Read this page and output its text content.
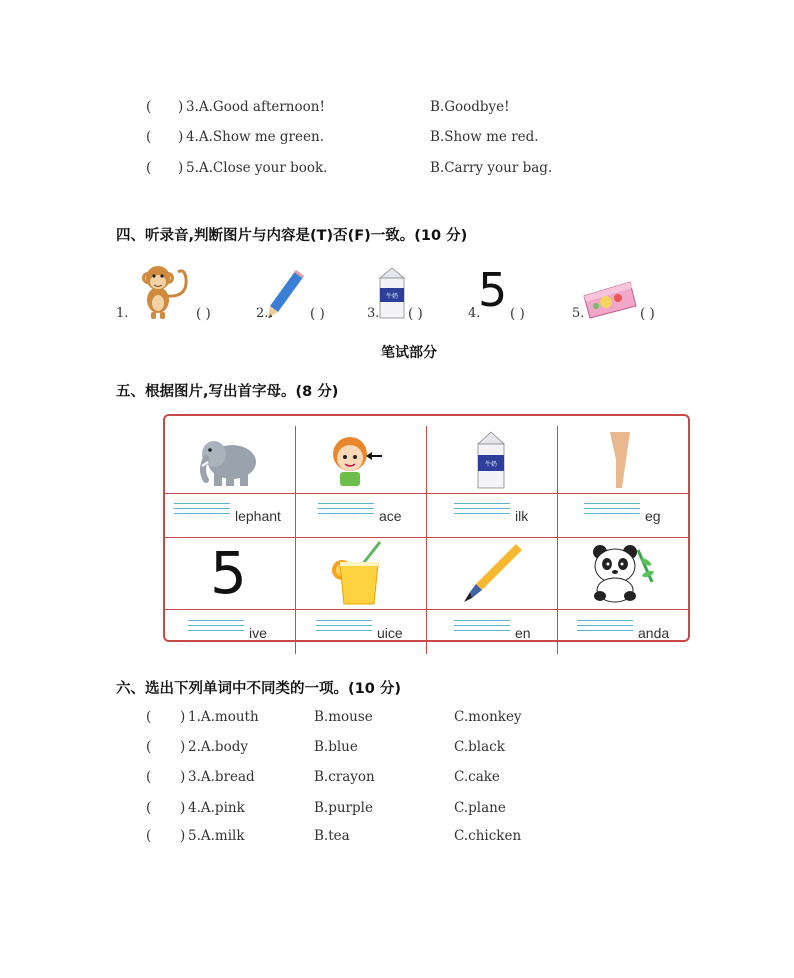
( ) 3.A.Good afternoon!	B.Goodbye!
( ) 4.A.Show me green.	B.Show me red.
( ) 5.A.Close your book.	B.Carry your bag.
四、听录音,判断图片与内容是(T)否(F)一致。(10 分)
1.	( )	2.	( )	3.
牛奶
( )	4.
5 ( )	5.	( )
笔试部分
五、根据图片,写出首字母。(8 分)
牛奶
lephant	ace	ilk	eg
5
ive	uice	en	anda
六、选出下列单词中不同类的一项。(10 分)
( ) 1.A.mouth	B.mouse	C.monkey
( ) 2.A.body	B.blue	C.black
( ) 3.A.bread	B.crayon	C.cake
( ) 4.A.pink	B.purple	C.plane
( ) 5.A.milk	B.tea	C.chicken
